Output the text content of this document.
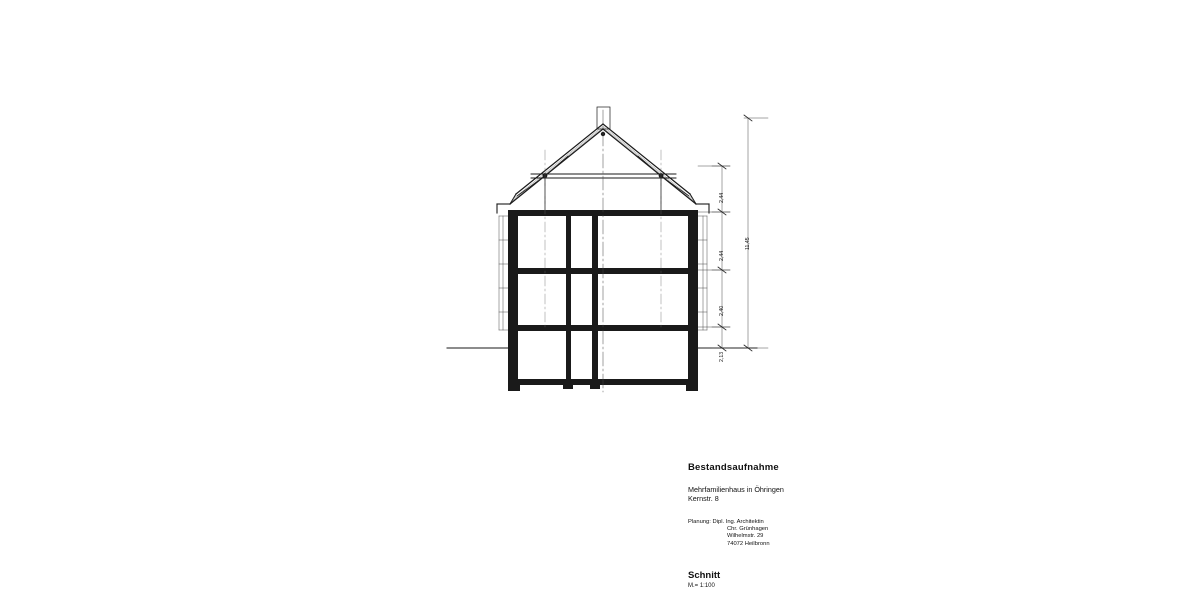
2,44
2,44
2,40
2,13
11,45

Bestandsaufnahme

Mehrfamilienhaus in Öhringen

Kernstr. 8

Planung: Dipl. Ing. Architektin

Chr. Grünhagen

Wilhelmstr. 29

74072 Heilbronn

Schnitt

M.= 1:100
